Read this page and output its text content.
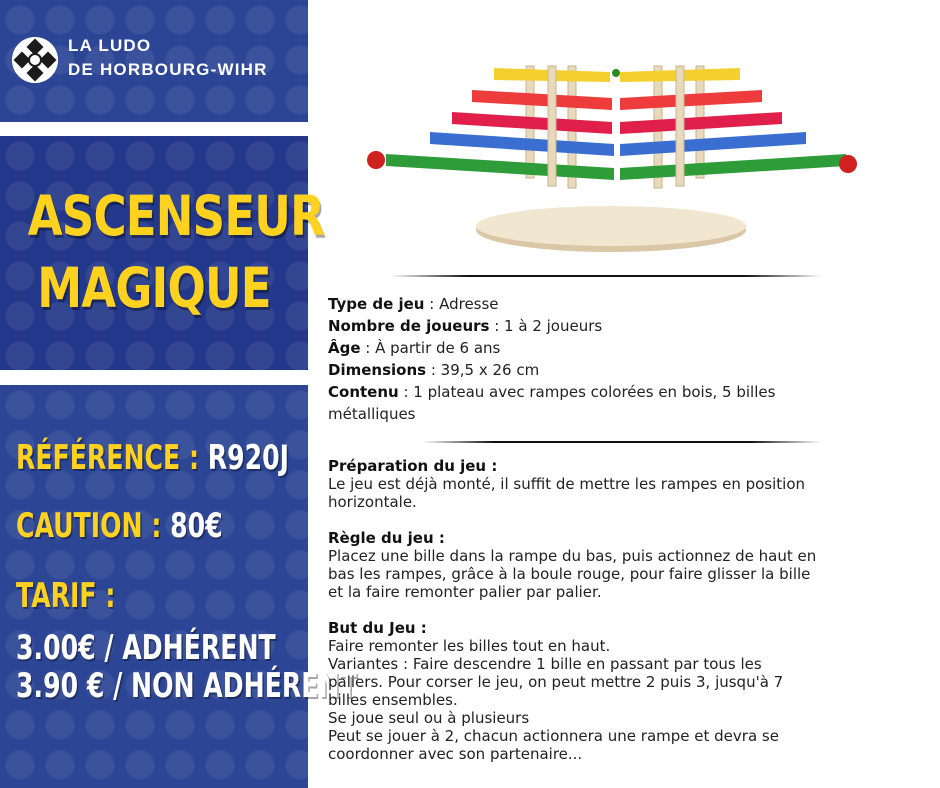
LA LUDO
DE HORBOURG-WIHR
ASCENSEUR
MAGIQUE
RÉFÉRENCE : R920J
CAUTION : 80€
TARIF :
3.00€ / ADHÉRENT
3.90 € / NON ADHÉRENT
Type de jeu : Adresse
Nombre de joueurs : 1 à 2 joueurs
Âge : À partir de 6 ans
Dimensions : 39,5 x 26 cm
Contenu : 1 plateau avec rampes colorées en bois, 5 billes métalliques

Préparation du jeu :
Le jeu est déjà monté, il suffit de mettre les rampes en position horizontale.

Règle du jeu :
Placez une bille dans la rampe du bas, puis actionnez de haut en bas les rampes, grâce à la boule rouge, pour faire glisser la bille et la faire remonter palier par palier.

But du Jeu :
Faire remonter les billes tout en haut.
Variantes : Faire descendre 1 bille en passant par tous les paliers. Pour corser le jeu, on peut mettre 2 puis 3, jusqu'à 7 billes ensembles.
Se joue seul ou à plusieurs
Peut se jouer à 2, chacun actionnera une rampe et devra se coordonner avec son partenaire...
